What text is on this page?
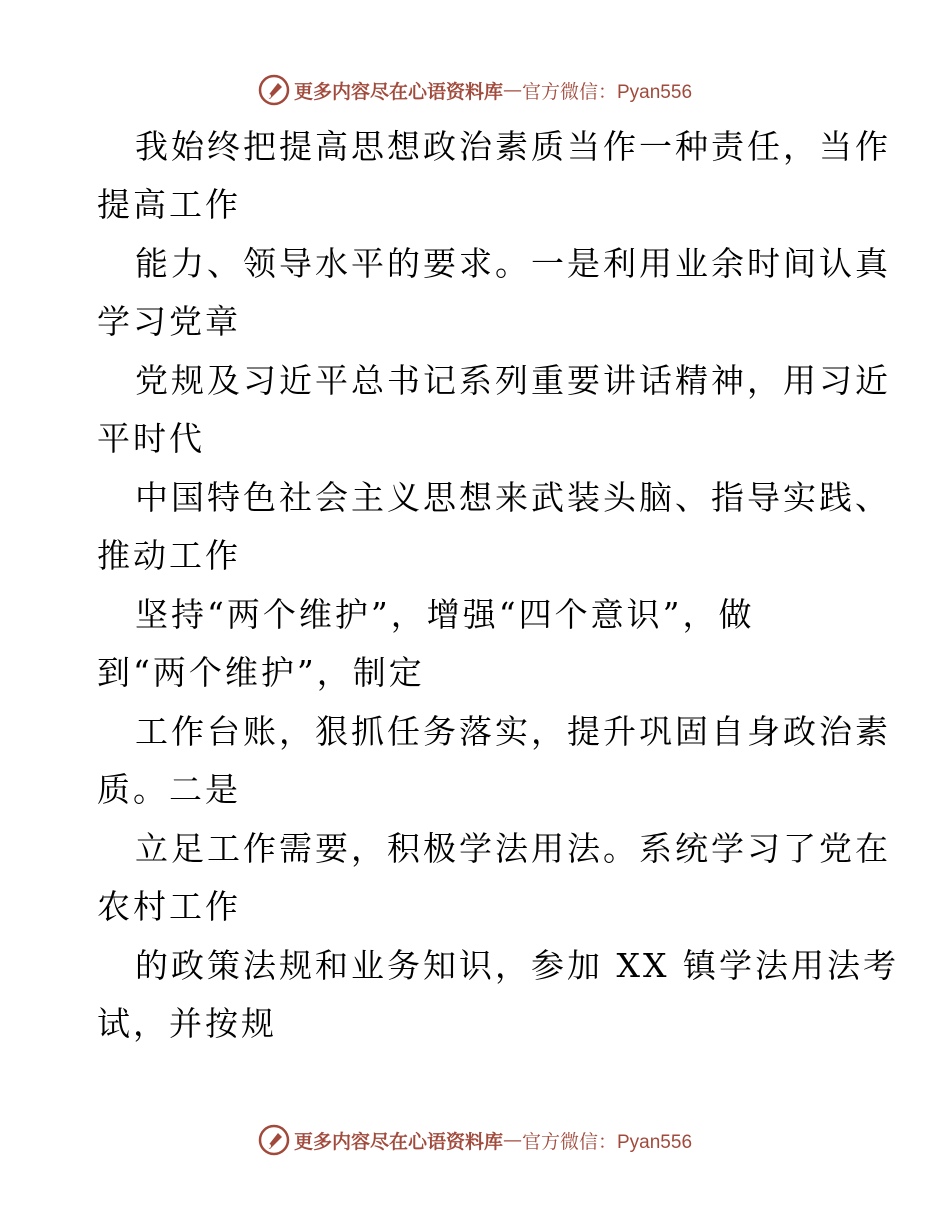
更多内容尽在心语资料库 — 官方微信：Pyan556
我始终把提高思想政治素质当作一种责任，当作
提高工作
能力、领导水平的要求。一是利用业余时间认真
学习党章
党规及习近平总书记系列重要讲话精神，用习近
平时代
中国特色社会主义思想来武装头脑、指导实践、
推动工作
坚持“两个维护”，增强“四个意识”，做
到“两个维护”，制定
工作台账，狠抓任务落实，提升巩固自身政治素
质。二是
立足工作需要，积极学法用法。系统学习了党在
农村工作
的政策法规和业务知识，参加 XX 镇学法用法考
试，并按规
更多内容尽在心语资料库 — 官方微信：Pyan556
